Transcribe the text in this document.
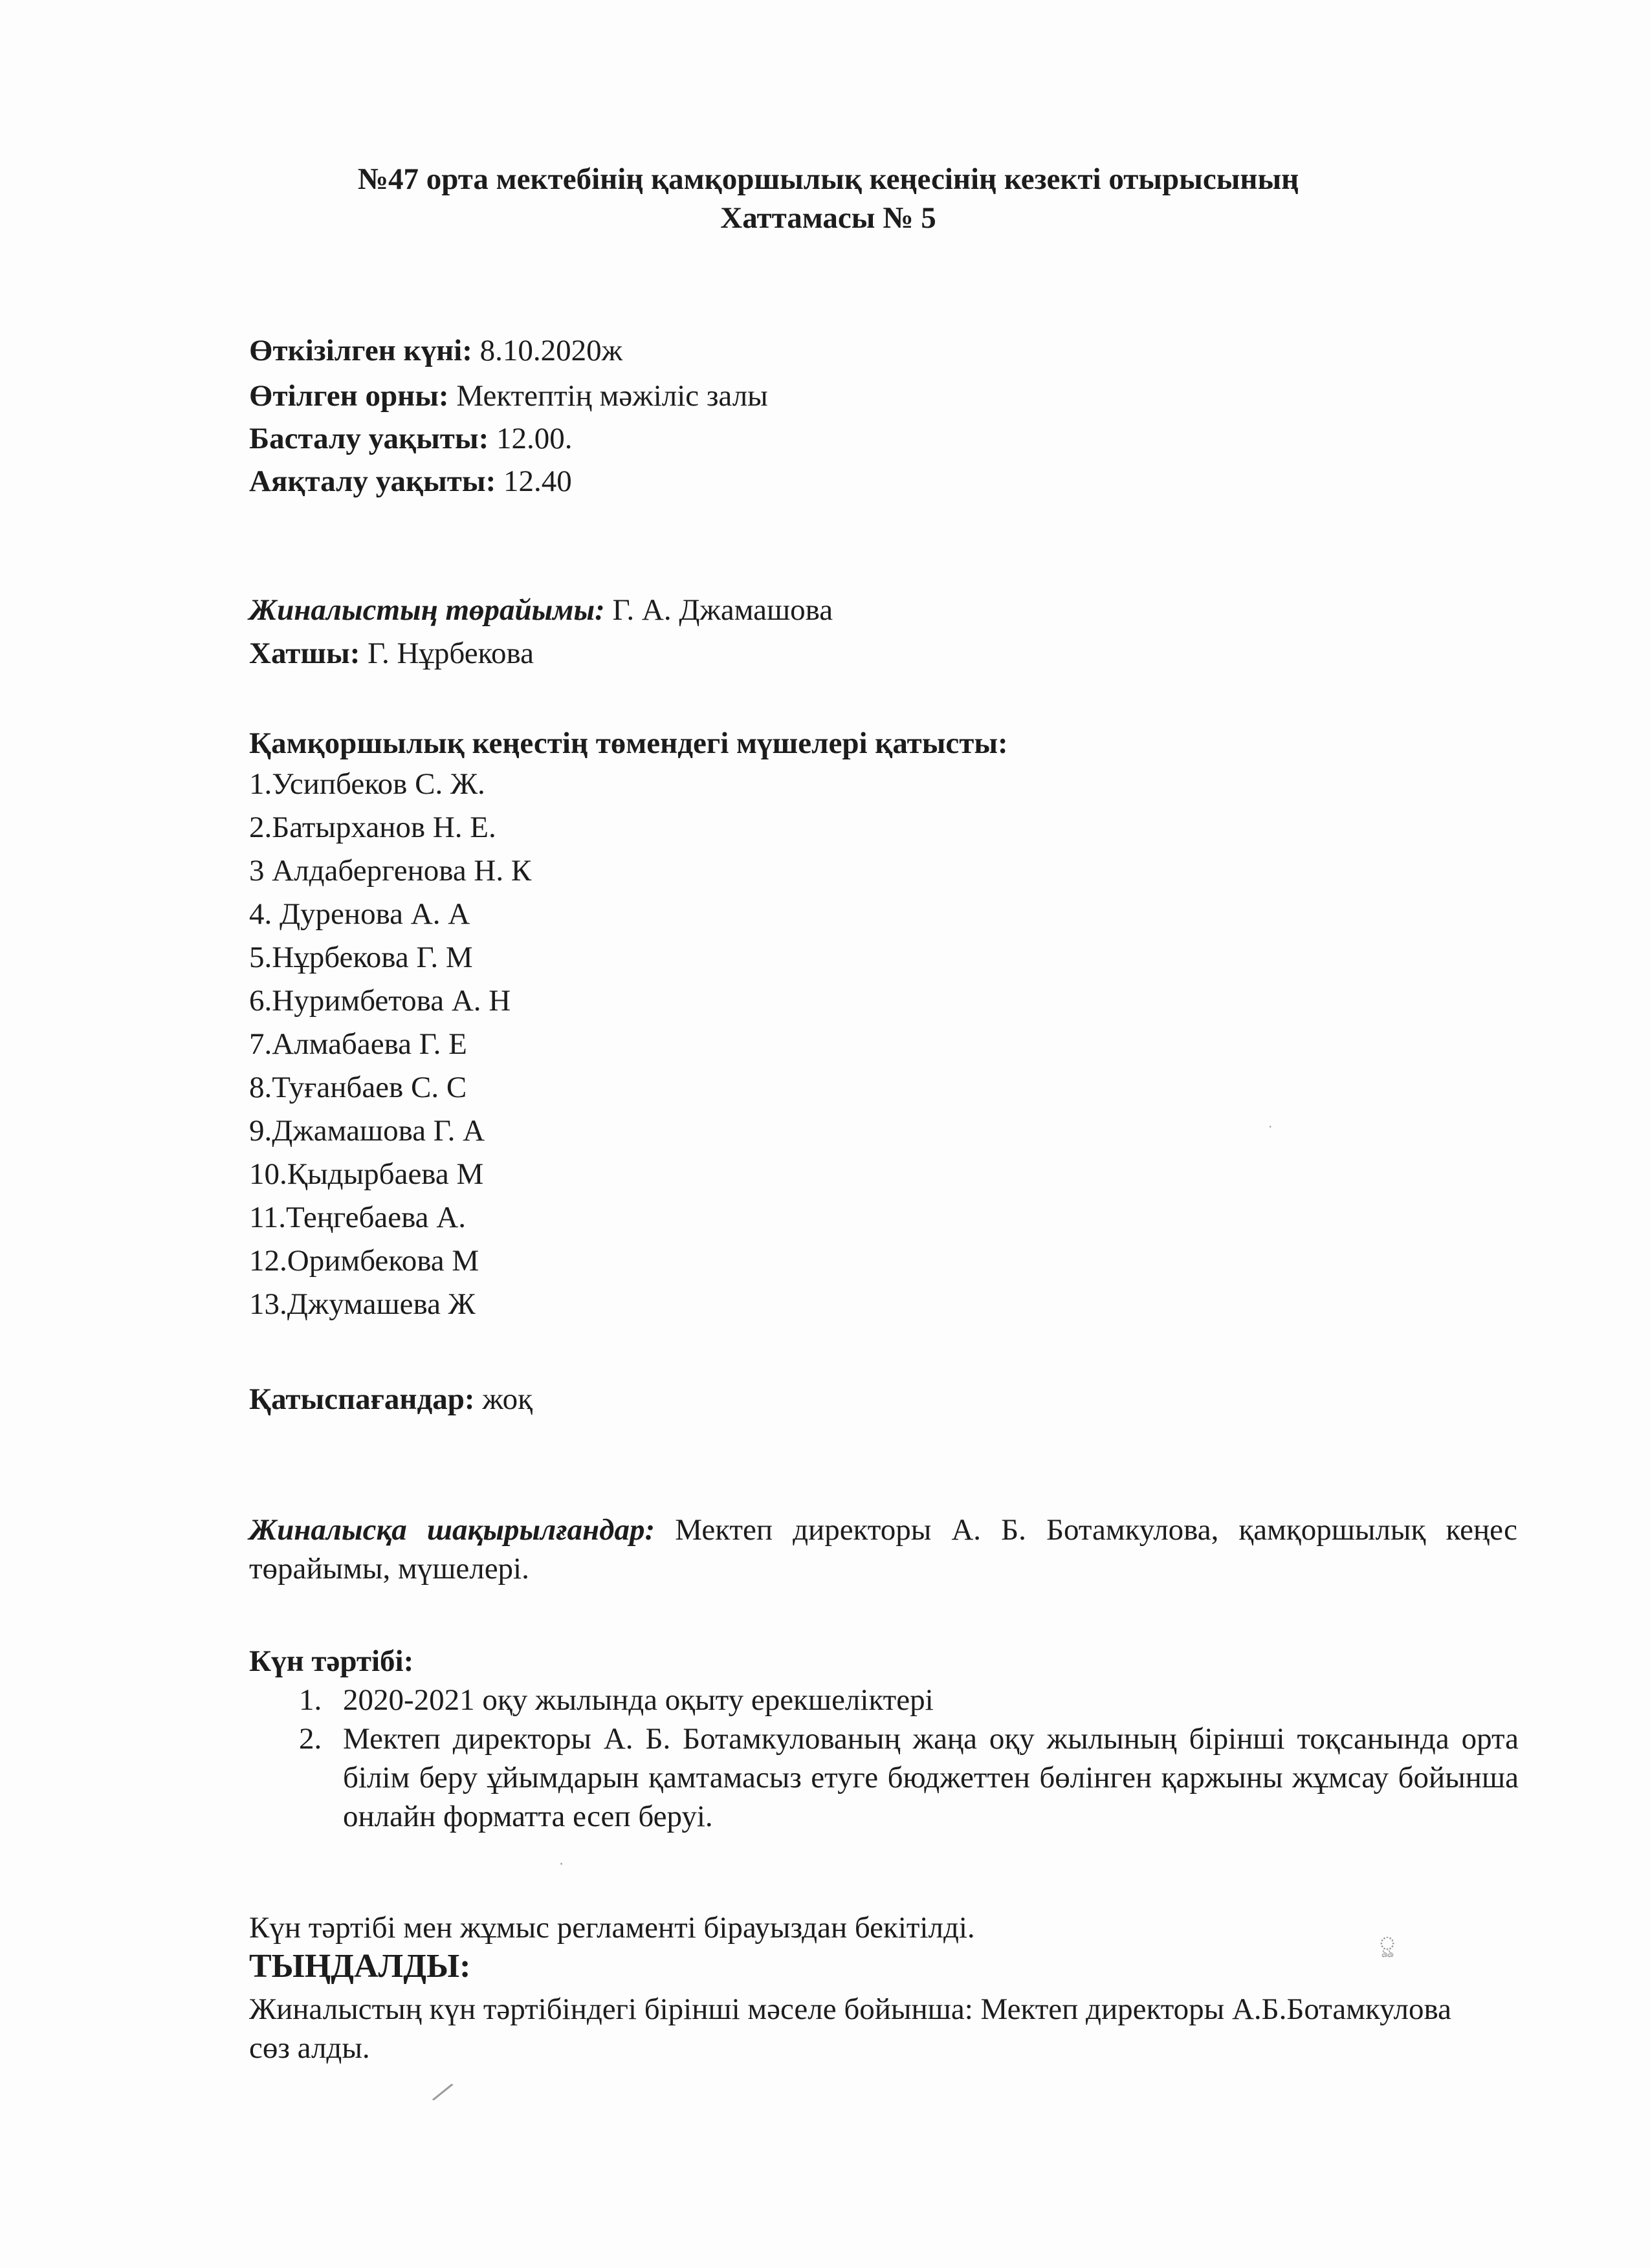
№47 орта мектебінің қамқоршылық кеңесінің кезекті отырысының
Хаттамасы № 5
Өткізілген күні: 8.10.2020ж
Өтілген орны: Мектептің мәжіліс залы
Басталу уақыты: 12.00.
Аяқталу уақыты: 12.40
Жиналыстың төрайымы: Г. А. Джамашова
Хатшы: Г. Нұрбекова
Қамқоршылық кеңестің төмендегі мүшелері қатысты:
1.Усипбеков С. Ж.
2.Батырханов Н. Е.
3 Алдабергенова Н. К
4. Дуренова А. А
5.Нұрбекова Г. М
6.Нуримбетова А. Н
7.Алмабаева Г. Е
8.Туғанбаев С. С
9.Джамашова Г. А
10.Қыдырбаева М
11.Теңгебаева А.
12.Оримбекова М
13.Джумашева Ж
Қатыспағандар: жоқ
Жиналысқа шақырылғандар: Мектеп директоры А. Б. Ботамкулова, қамқоршылық кеңес төрайымы, мүшелері.
Күн тәртібі:
1. 2020-2021 оқу жылында оқыту ерекшеліктері
2. Мектеп директоры А. Б. Ботамкулованың жаңа оқу жылының бірінші тоқсанында орта білім беру ұйымдарын қамтамасыз етуге бюджеттен бөлінген қаржыны жұмсау бойынша онлайн форматта есеп беруі.
Күн тәртібі мен жұмыс регламенті бірауыздан бекітілді.
ТЫҢДАЛДЫ:
Жиналыстың күн тәртібіндегі бірінші мәселе бойынша: Мектеп директоры А.Б.Ботамкулова сөз алды.
ৣ
⁄
·
·
